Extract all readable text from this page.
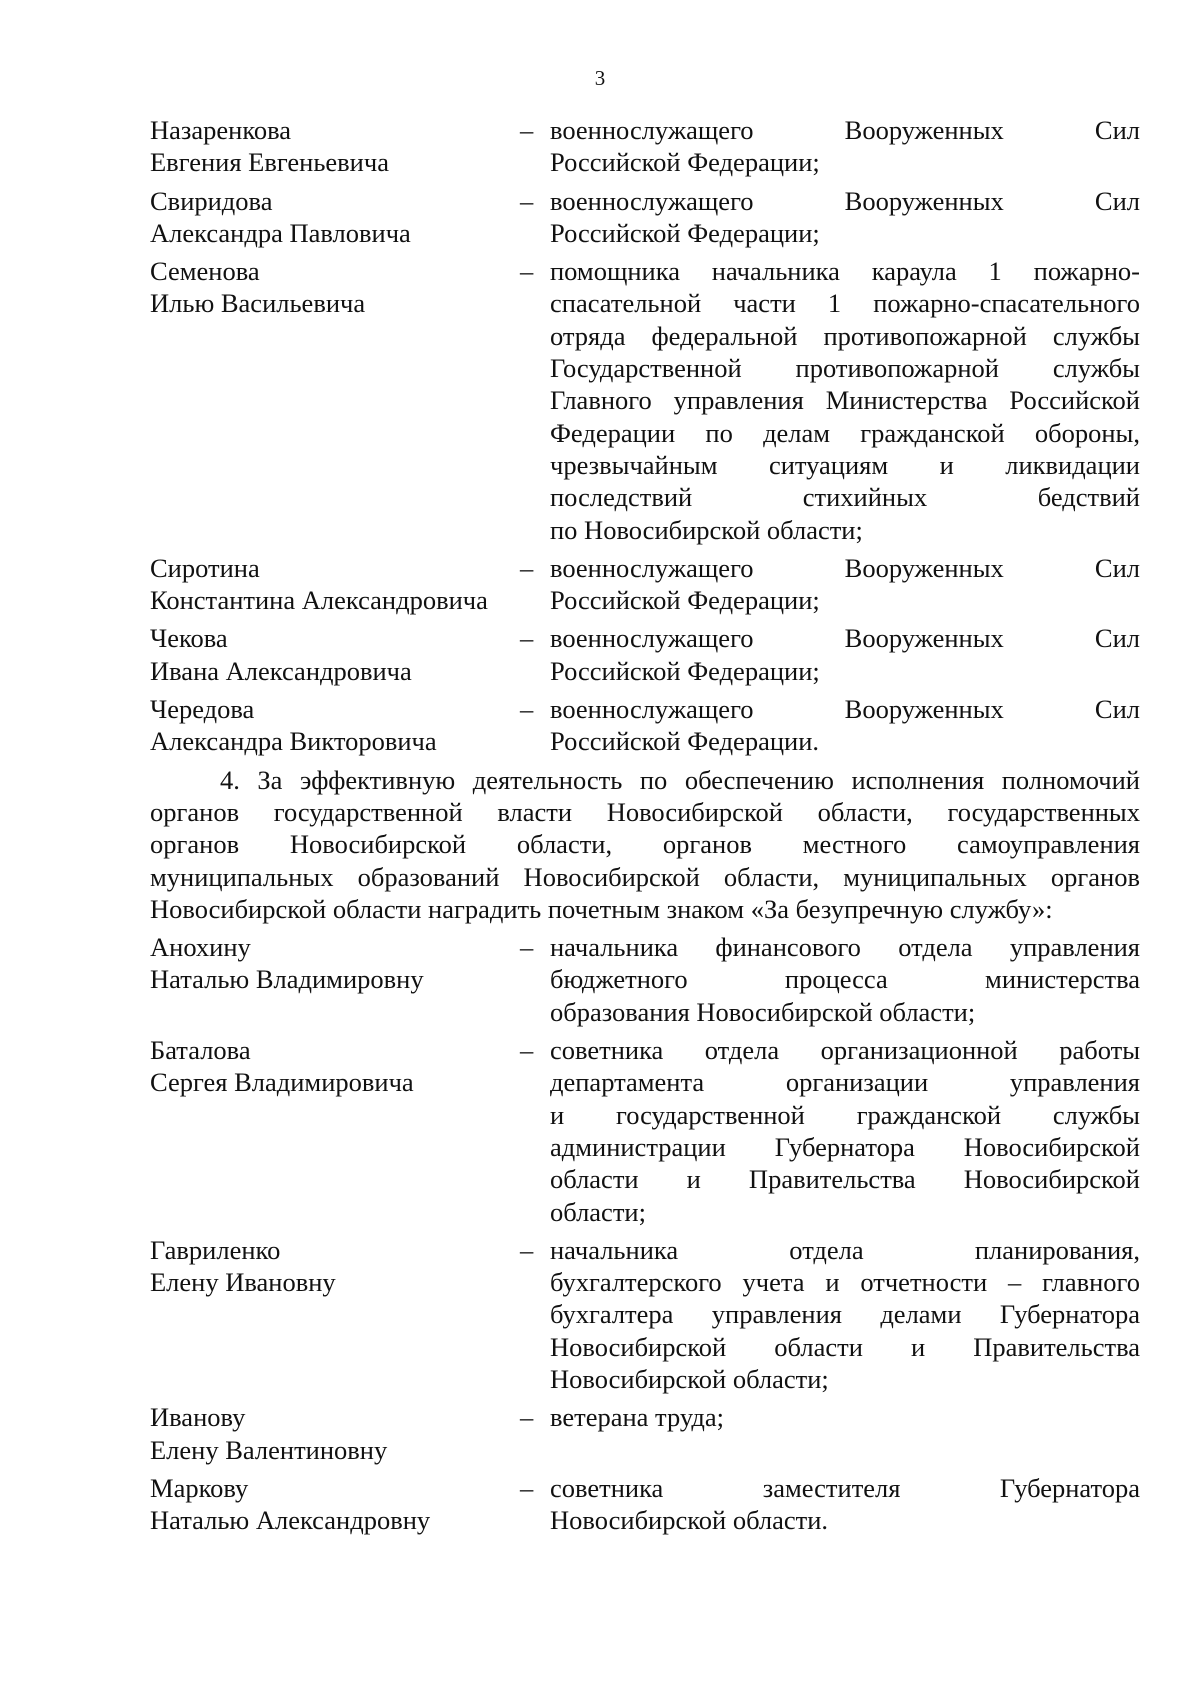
3
Назаренкова
Евгения Евгеньевича
– военнослужащего Вооруженных Сил
Российской Федерации;
Свиридова
Александра Павловича
– военнослужащего Вооруженных Сил
Российской Федерации;
Семенова
Илью Васильевича
– помощника начальника караула 1 пожарно-
спасательной части 1 пожарно-спасательного
отряда федеральной противопожарной службы
Государственной противопожарной службы
Главного управления Министерства Российской
Федерации по делам гражданской обороны,
чрезвычайным ситуациям и ликвидации
последствий стихийных бедствий
по Новосибирской области;
Сиротина
Константина Александровича
– военнослужащего Вооруженных Сил
Российской Федерации;
Чекова
Ивана Александровича
– военнослужащего Вооруженных Сил
Российской Федерации;
Чередова
Александра Викторовича
– военнослужащего Вооруженных Сил
Российской Федерации.
4. За эффективную деятельность по обеспечению исполнения полномочий
органов государственной власти Новосибирской области, государственных
органов Новосибирской области, органов местного самоуправления
муниципальных образований Новосибирской области, муниципальных органов
Новосибирской области наградить почетным знаком «За безупречную службу»:
Анохину
Наталью Владимировну
– начальника финансового отдела управления
бюджетного процесса министерства
образования Новосибирской области;
Баталова
Сергея Владимировича
– советника отдела организационной работы
департамента организации управления
и государственной гражданской службы
администрации Губернатора Новосибирской
области и Правительства Новосибирской
области;
Гавриленко
Елену Ивановну
– начальника отдела планирования,
бухгалтерского учета и отчетности – главного
бухгалтера управления делами Губернатора
Новосибирской области и Правительства
Новосибирской области;
Иванову
Елену Валентиновну
– ветерана труда;
Маркову
Наталью Александровну
– советника заместителя Губернатора
Новосибирской области.
